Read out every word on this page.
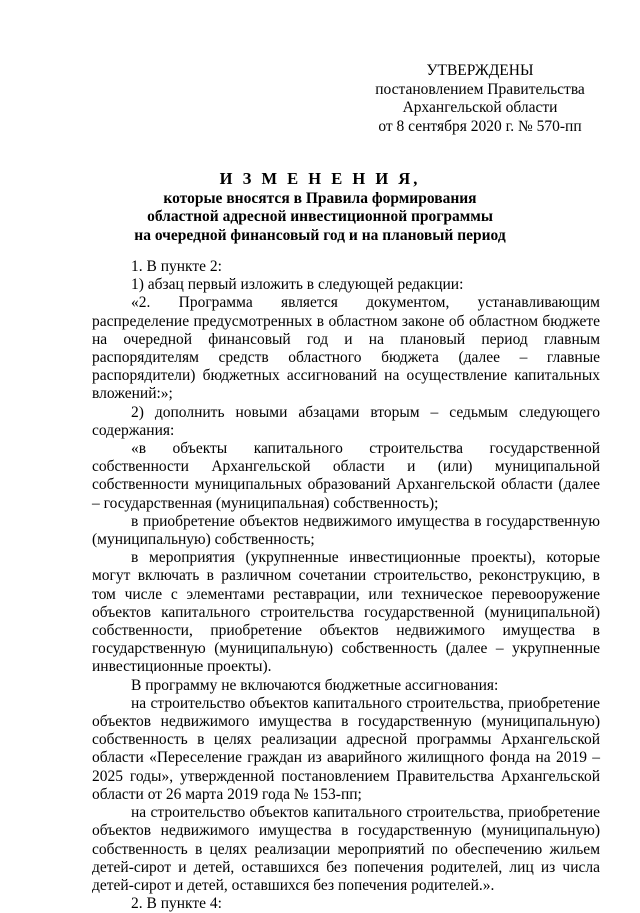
УТВЕРЖДЕНЫ
постановлением Правительства
Архангельской области
от 8 сентября 2020 г. № 570-пп
И З М Е Н Е Н И Я,
которые вносятся в Правила формирования
областной адресной инвестиционной программы
на очередной финансовый год и на плановый период

1. В пункте 2:

1) абзац первый изложить в следующей редакции:

«2. Программа является документом, устанавливающим распределение предусмотренных в областном законе об областном бюджете на очередной финансовый год и на плановый период главным распорядителям средств областного бюджета (далее – главные распорядители) бюджетных ассигнований на осуществление капитальных вложений:»;

2) дополнить новыми абзацами вторым – седьмым следующего содержания:

«в объекты капитального строительства государственной собственности Архангельской области и (или) муниципальной собственности муниципальных образований Архангельской области (далее – государственная (муниципальная) собственность);

в приобретение объектов недвижимого имущества в государственную (муниципальную) собственность;

в мероприятия (укрупненные инвестиционные проекты), которые могут включать в различном сочетании строительство, реконструкцию, в том числе с элементами реставрации, или техническое перевооружение объектов капитального строительства государственной (муниципальной) собственности, приобретение объектов недвижимого имущества в государственную (муниципальную) собственность (далее – укрупненные инвестиционные проекты).

В программу не включаются бюджетные ассигнования:

на строительство объектов капитального строительства, приобретение объектов недвижимого имущества в государственную (муниципальную) собственность в целях реализации адресной программы Архангельской области «Переселение граждан из аварийного жилищного фонда на 2019 – 2025 годы», утвержденной постановлением Правительства Архангельской области от 26 марта 2019 года № 153-пп;

на строительство объектов капитального строительства, приобретение объектов недвижимого имущества в государственную (муниципальную) собственность в целях реализации мероприятий по обеспечению жильем детей-сирот и детей, оставшихся без попечения родителей, лиц из числа детей-сирот и детей, оставшихся без попечения родителей.».

2. В пункте 4:
